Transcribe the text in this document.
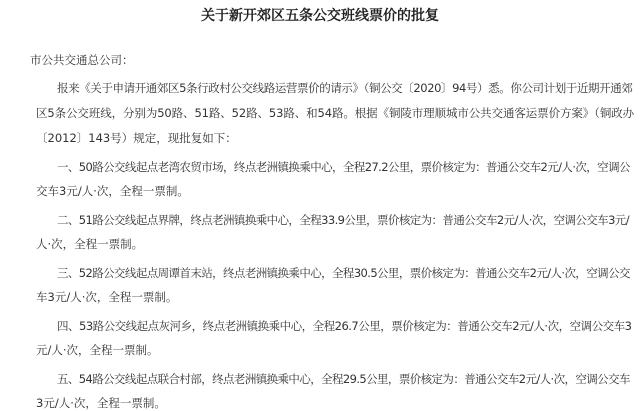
关于新开郊区五条公交班线票价的批复
市公共交通总公司：
报来《关于申请开通郊区5条行政村公交线路运营票价的请示》（铜公交〔2020〕94号）悉。你公司计划于近期开通郊
区5条公交班线，分别为50路、51路、52路、53路、和54路。根据《铜陵市理顺城市公共交通客运票价方案》（铜政办
〔2012〕143号）规定，现批复如下：
一、50路公交线起点老湾农贸市场，终点老洲镇换乘中心，全程27.2公里，票价核定为：普通公交车2元/人·次，空调公
交车3元/人·次，全程一票制。
二、51路公交线起点界牌，终点老洲镇换乘中心，全程33.9公里，票价核定为：普通公交车2元/人·次，空调公交车3元/
人·次，全程一票制。
三、52路公交线起点周谭首末站，终点老洲镇换乘中心，全程30.5公里，票价核定为：普通公交车2元/人·次，空调公交
车3元/人·次，全程一票制。
四、53路公交线起点灰河乡，终点老洲镇换乘中心，全程26.7公里，票价核定为：普通公交车2元/人·次，空调公交车3
元/人·次，全程一票制。
五、54路公交线起点联合村部，终点老洲镇换乘中心，全程29.5公里，票价核定为：普通公交车2元/人·次，空调公交车
3元/人·次，全程一票制。
